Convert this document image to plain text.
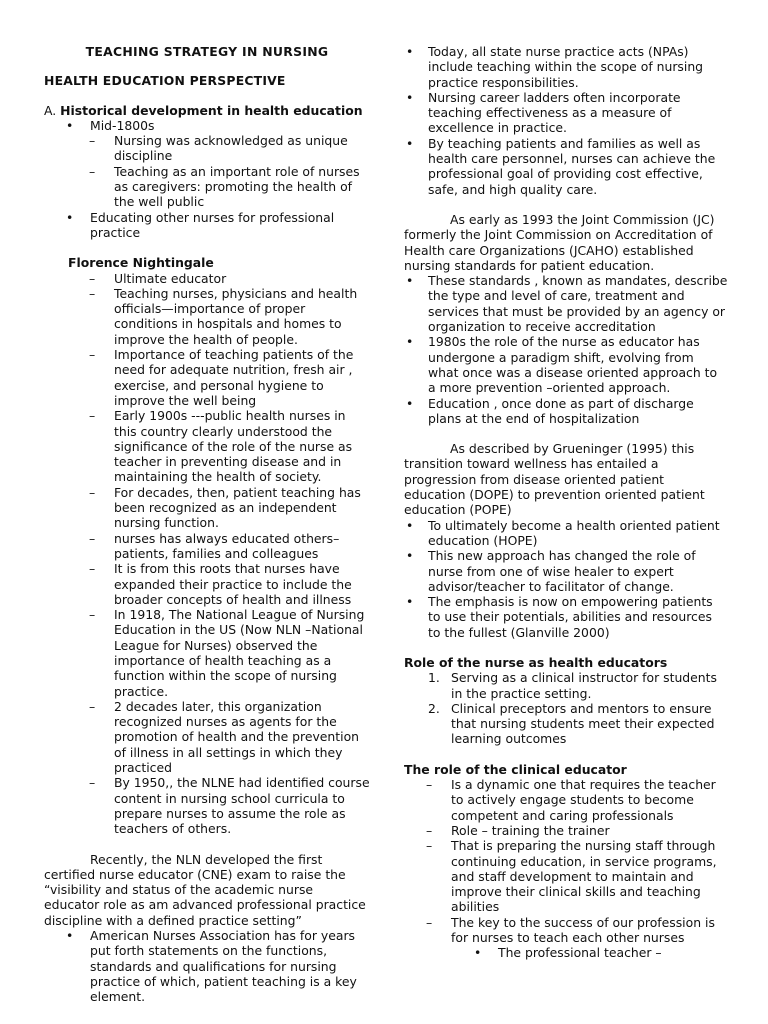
TEACHING STRATEGY IN NURSING
HEALTH EDUCATION PERSPECTIVE
A. Historical development in health education
• Mid-1800s
– Nursing was acknowledged as unique discipline
– Teaching as an important role of nurses as caregivers: promoting the health of the well public
• Educating other nurses for professional practice
Florence Nightingale
– Ultimate educator
– Teaching nurses, physicians and health officials—importance of proper conditions in hospitals and homes to improve the health of people.
– Importance of teaching patients of the need for adequate nutrition, fresh air , exercise, and personal hygiene to improve the well being
– Early 1900s ---public health nurses in this country clearly understood the significance of the role of the nurse as teacher in preventing disease and in maintaining the health of society.
– For decades, then, patient teaching has been recognized as an independent nursing function.
– nurses has always educated others–patients, families and colleagues
– It is from this roots that nurses have expanded their practice to include the broader concepts of health and illness
– In 1918, The National League of Nursing Education in the US (Now NLN –National League for Nurses) observed the importance of health teaching as a function within the scope of nursing practice.
– 2 decades later, this organization recognized nurses as agents for the promotion of health and the prevention of illness in all settings in which they practiced
– By 1950,, the NLNE had identified course content in nursing school curricula to prepare nurses to assume the role as teachers of others.

Recently, the NLN developed the first certified nurse educator (CNE) exam to raise the “visibility and status of the academic nurse educator role as am advanced professional practice discipline with a defined practice setting”

• American Nurses Association has for years put forth statements on the functions, standards and qualifications for nursing practice of which, patient teaching is a key element.
• Today, all state nurse practice acts (NPAs) include teaching within the scope of nursing practice responsibilities.
• Nursing career ladders often incorporate teaching effectiveness as a measure of excellence in practice.
• By teaching patients and families as well as health care personnel, nurses can achieve the professional goal of providing cost effective, safe, and high quality care.

As early as 1993 the Joint Commission (JC) formerly the Joint Commission on Accreditation of Health care Organizations (JCAHO) established nursing standards for patient education.

• These standards , known as mandates, describe the type and level of care, treatment and services that must be provided by an agency or organization to receive accreditation
• 1980s the role of the nurse as educator has undergone a paradigm shift, evolving from what once was a disease oriented approach to a more prevention –oriented approach.
• Education , once done as part of discharge plans at the end of hospitalization

As described by Grueninger (1995) this transition toward wellness has entailed a progression from disease oriented patient education (DOPE) to prevention oriented patient education (POPE)

• To ultimately become a health oriented patient education (HOPE)
• This new approach has changed the role of nurse from one of wise healer to expert advisor/teacher to facilitator of change.
• The emphasis is now on empowering patients to use their potentials, abilities and resources to the fullest (Glanville 2000)
Role of the nurse as health educators
1. Serving as a clinical instructor for students in the practice setting.
2. Clinical preceptors and mentors to ensure that nursing students meet their expected learning outcomes
The role of the clinical educator
– Is a dynamic one that requires the teacher to actively engage students to become competent and caring professionals
– Role – training the trainer
– That is preparing the nursing staff through continuing education, in service programs, and staff development to maintain and improve their clinical skills and teaching abilities
– The key to the success of our profession is for nurses to teach each other nurses
• The professional teacher –
